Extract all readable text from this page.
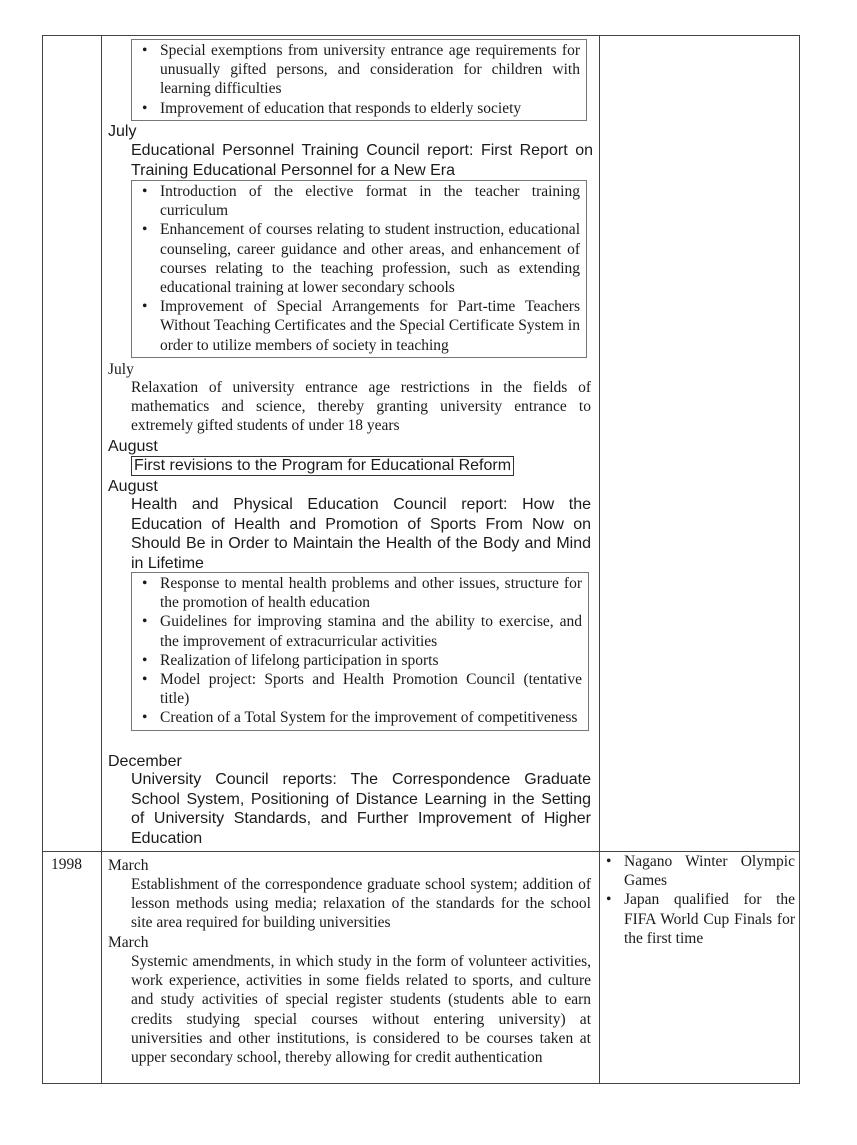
• Special exemptions from university entrance age requirements for unusually gifted persons, and consideration for children with learning difficulties
• Improvement of education that responds to elderly society
July
Educational Personnel Training Council report: First Report on Training Educational Personnel for a New Era
• Introduction of the elective format in the teacher training curriculum
• Enhancement of courses relating to student instruction, educational counseling, career guidance and other areas, and enhancement of courses relating to the teaching profession, such as extending educational training at lower secondary schools
• Improvement of Special Arrangements for Part-time Teachers Without Teaching Certificates and the Special Certificate System in order to utilize members of society in teaching
July
Relaxation of university entrance age restrictions in the fields of mathematics and science, thereby granting university entrance to extremely gifted students of under 18 years
August
First revisions to the Program for Educational Reform
August
Health and Physical Education Council report: How the Education of Health and Promotion of Sports From Now on Should Be in Order to Maintain the Health of the Body and Mind in Lifetime
• Response to mental health problems and other issues, structure for the promotion of health education
• Guidelines for improving stamina and the ability to exercise, and the improvement of extracurricular activities
• Realization of lifelong participation in sports
• Model project: Sports and Health Promotion Council (tentative title)
• Creation of a Total System for the improvement of competitiveness
December
University Council reports: The Correspondence Graduate School System, Positioning of Distance Learning in the Setting of University Standards, and Further Improvement of Higher Education
1998 March
Establishment of the correspondence graduate school system; addition of lesson methods using media; relaxation of the standards for the school site area required for building universities
March
Systemic amendments, in which study in the form of volunteer activities, work experience, activities in some fields related to sports, and culture and study activities of special register students (students able to earn credits studying special courses without entering university) at universities and other institutions, is considered to be courses taken at upper secondary school, thereby allowing for credit authentication
• Nagano Winter Olympic Games
• Japan qualified for the FIFA World Cup Finals for the first time
